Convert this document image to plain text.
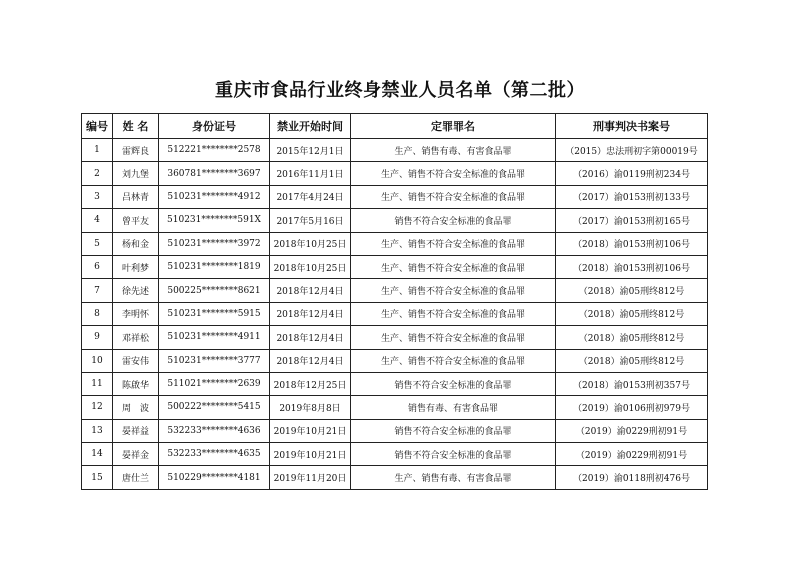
重庆市食品行业终身禁业人员名单（第二批）
编号	姓 名	身份证号	禁业开始时间	定罪罪名	刑事判决书案号
1	雷辉良	512221********2578	2015年12月1日	生产、销售有毒、有害食品罪	（2015）忠法刑初字第00019号
2	刘九堡	360781********3697	2016年11月1日	生产、销售不符合安全标准的食品罪	（2016）渝0119刑初234号
3	吕林青	510231********4912	2017年4月24日	生产、销售不符合安全标准的食品罪	（2017）渝0153刑初133号
4	曾平友	510231********591X	2017年5月16日	销售不符合安全标准的食品罪	（2017）渝0153刑初165号
5	杨和金	510231********3972	2018年10月25日	生产、销售不符合安全标准的食品罪	（2018）渝0153刑初106号
6	叶利梦	510231********1819	2018年10月25日	生产、销售不符合安全标准的食品罪	（2018）渝0153刑初106号
7	徐先述	500225********8621	2018年12月4日	生产、销售不符合安全标准的食品罪	（2018）渝05刑终812号
8	李明怀	510231********5915	2018年12月4日	生产、销售不符合安全标准的食品罪	（2018）渝05刑终812号
9	邓祥松	510231********4911	2018年12月4日	生产、销售不符合安全标准的食品罪	（2018）渝05刑终812号
10	雷安伟	510231********3777	2018年12月4日	生产、销售不符合安全标准的食品罪	（2018）渝05刑终812号
11	陈啟华	511021********2639	2018年12月25日	销售不符合安全标准的食品罪	（2018）渝0153刑初357号
12	周　波	500222********5415	2019年8月8日	销售有毒、有害食品罪	（2019）渝0106刑初979号
13	晏祥益	532233********4636	2019年10月21日	销售不符合安全标准的食品罪	（2019）渝0229刑初91号
14	晏祥金	532233********4635	2019年10月21日	销售不符合安全标准的食品罪	（2019）渝0229刑初91号
15	唐仕兰	510229********4181	2019年11月20日	生产、销售有毒、有害食品罪	（2019）渝0118刑初476号
